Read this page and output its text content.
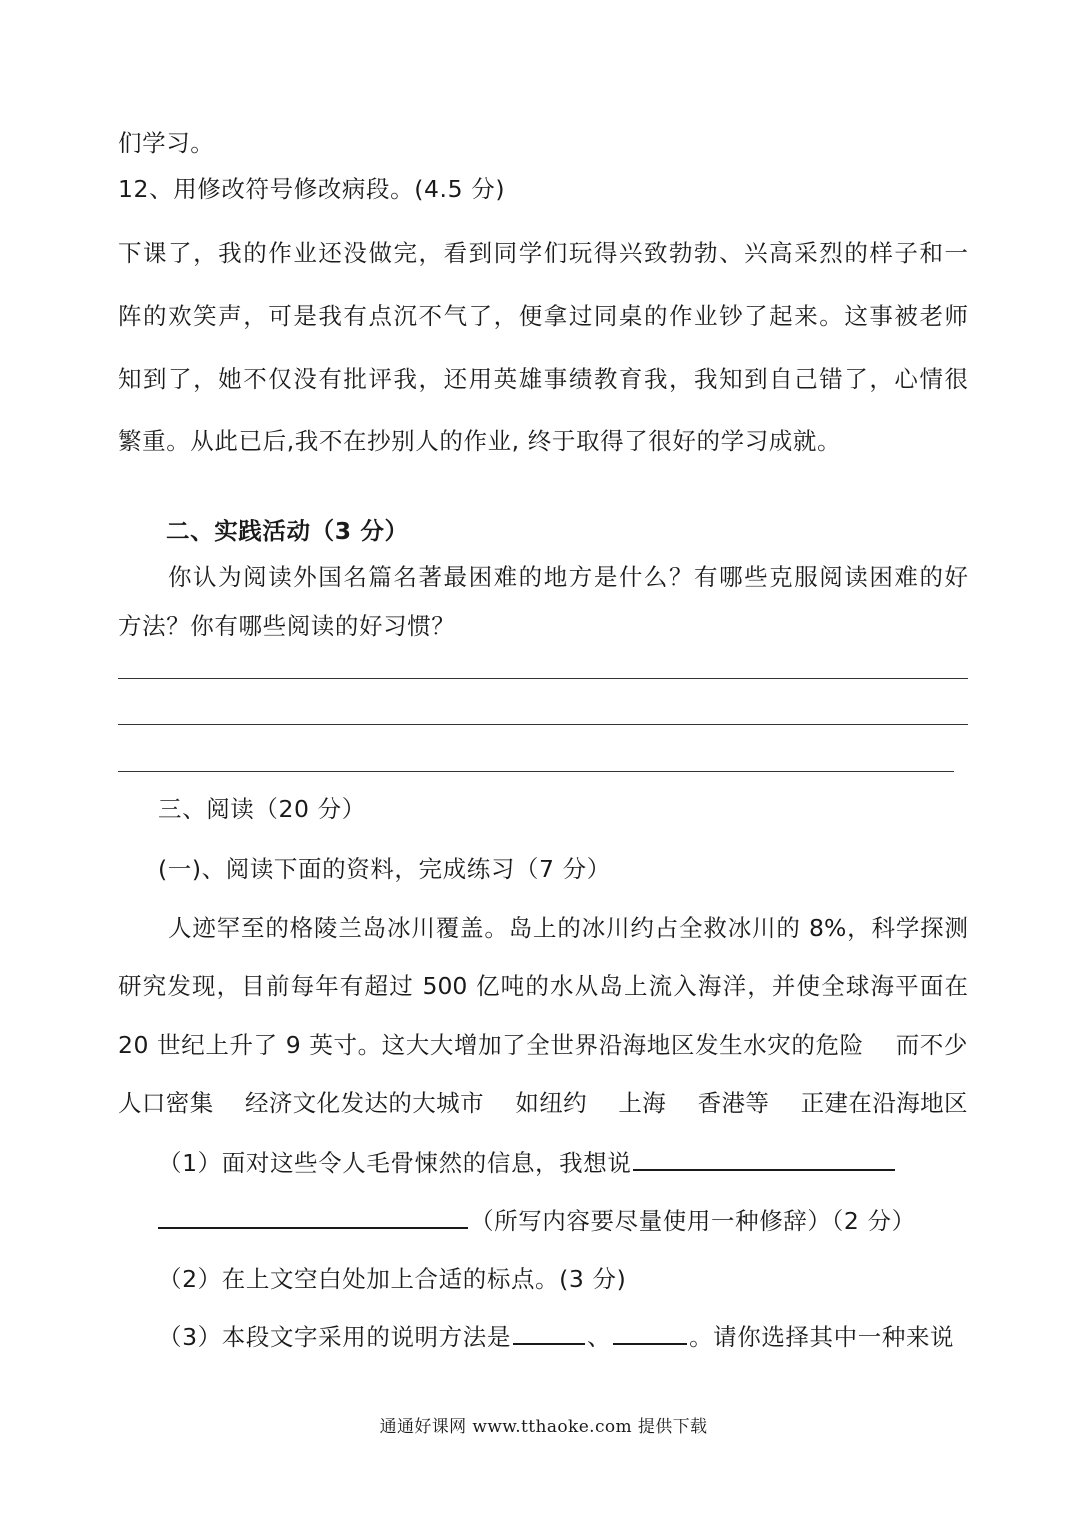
们学习。
12、用修改符号修改病段。(4.5 分)
下课了，我的作业还没做完，看到同学们玩得兴致勃勃、兴高采烈的样子和一
阵的欢笑声，可是我有点沉不气了，便拿过同桌的作业钞了起来。这事被老师
知到了，她不仅没有批评我，还用英雄事绩教育我，我知到自己错了，心情很
繁重。从此已后,我不在抄别人的作业, 终于取得了很好的学习成就。
二、实践活动（3 分）
你认为阅读外国名篇名著最困难的地方是什么？有哪些克服阅读困难的好
方法？你有哪些阅读的好习惯？
三、阅读（20 分）
(一)、阅读下面的资料，完成练习（7 分）
人迹罕至的格陵兰岛冰川覆盖。岛上的冰川约占全救冰川的 8%，科学探测
研究发现，目前每年有超过 500 亿吨的水从岛上流入海洋，并使全球海平面在
20 世纪上升了 9 英寸。这大大增加了全世界沿海地区发生水灾的危险 而不少
人口密集 经济文化发达的大城市 如纽约 上海 香港等 正建在沿海地区
（1）面对这些令人毛骨悚然的信息，我想说
（所写内容要尽量使用一种修辞）（2 分）
（2）在上文空白处加上合适的标点。(3 分)
（3）本段文字采用的说明方法是	、	。请你选择其中一种来说
通通好课网 www.tthaoke.com 提供下载
